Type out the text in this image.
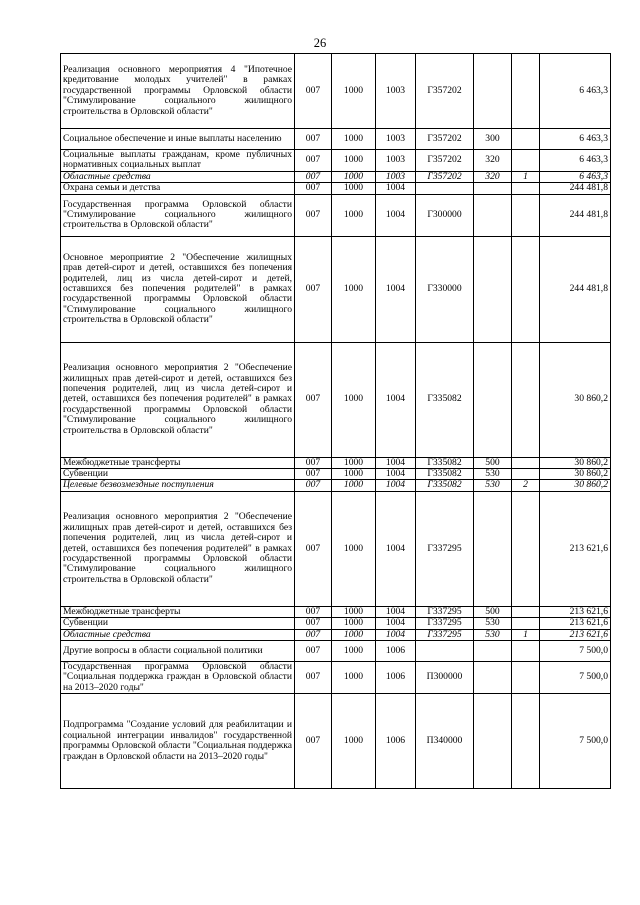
26
Реализация основного мероприятия 4 "Ипотечное кредитование молодых учителей" в рамках государственной программы Орловской области "Стимулирование социального жилищного строительства в Орловской области"	007	1000	1003	Г357202			6 463,3
Социальное обеспечение и иные выплаты населению	007	1000	1003	Г357202	300		6 463,3
Социальные выплаты гражданам, кроме публичных нормативных социальных выплат	007	1000	1003	Г357202	320		6 463,3
Областные средства	007	1000	1003	Г357202	320	1	6 463,3
Охрана семьи и детства	007	1000	1004				244 481,8
Государственная программа Орловской области "Стимулирование социального жилищного строительства в Орловской области"	007	1000	1004	Г300000			244 481,8
Основное мероприятие 2 "Обеспечение жилищных прав детей-сирот и детей, оставшихся без попечения родителей, лиц из числа детей-сирот и детей, оставшихся без попечения родителей" в рамках государственной программы Орловской области "Стимулирование социального жилищного строительства в Орловской области"	007	1000	1004	Г330000			244 481,8
Реализация основного мероприятия 2 "Обеспечение жилищных прав детей-сирот и детей, оставшихся без попечения родителей, лиц из числа детей-сирот и детей, оставшихся без попечения родителей" в рамках государственной программы Орловской области "Стимулирование социального жилищного строительства в Орловской области"	007	1000	1004	Г335082			30 860,2
Межбюджетные трансферты	007	1000	1004	Г335082	500		30 860,2
Субвенции	007	1000	1004	Г335082	530		30 860,2
Целевые безвозмездные поступления	007	1000	1004	Г335082	530	2	30 860,2
Реализация основного мероприятия 2 "Обеспечение жилищных прав детей-сирот и детей, оставшихся без попечения родителей, лиц из числа детей-сирот и детей, оставшихся без попечения родителей" в рамках государственной программы Орловской области "Стимулирование социального жилищного строительства в Орловской области"	007	1000	1004	Г337295			213 621,6
Межбюджетные трансферты	007	1000	1004	Г337295	500		213 621,6
Субвенции	007	1000	1004	Г337295	530		213 621,6
Областные средства	007	1000	1004	Г337295	530	1	213 621,6
Другие вопросы в области социальной политики	007	1000	1006				7 500,0
Государственная программа Орловской области "Социальная поддержка граждан в Орловской области на 2013–2020 годы"	007	1000	1006	П300000			7 500,0
Подпрограмма "Создание условий для реабилитации и социальной интеграции инвалидов" государственной программы Орловской области "Социальная поддержка граждан в Орловской области на 2013–2020 годы"	007	1000	1006	П340000			7 500,0
